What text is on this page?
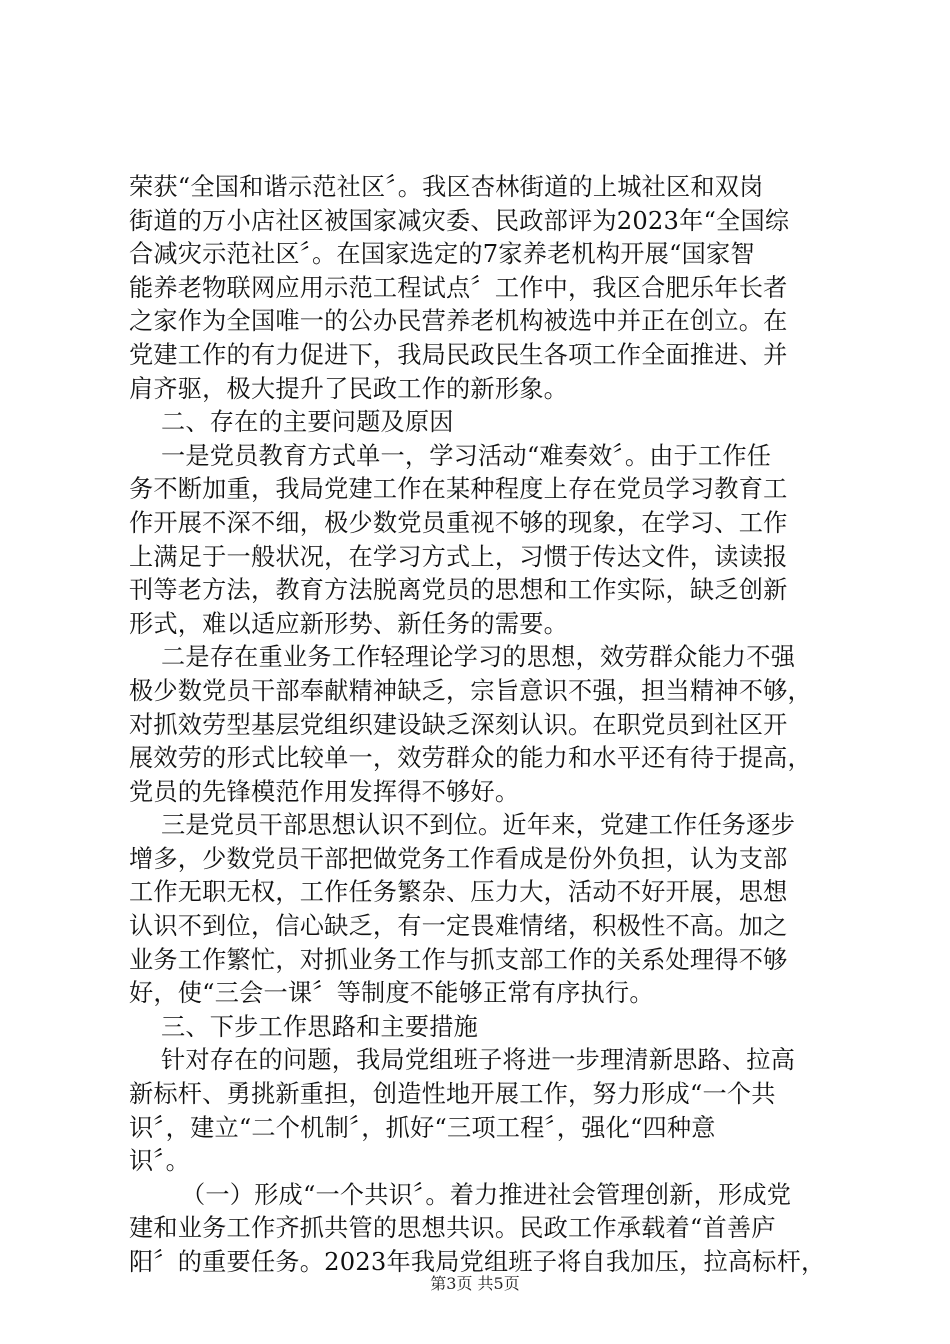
荣获“全国和谐示范社区〞。我区杏林街道的上城社区和双岗
街道的万小店社区被国家减灾委、民政部评为2023年“全国综
合减灾示范社区〞。在国家选定的7家养老机构开展“国家智
能养老物联网应用示范工程试点〞工作中，我区合肥乐年长者
之家作为全国唯一的公办民营养老机构被选中并正在创立。在
党建工作的有力促进下，我局民政民生各项工作全面推进、并
肩齐驱，极大提升了民政工作的新形象。
二、存在的主要问题及原因
一是党员教育方式单一，学习活动“难奏效〞。由于工作任
务不断加重，我局党建工作在某种程度上存在党员学习教育工
作开展不深不细，极少数党员重视不够的现象，在学习、工作
上满足于一般状况，在学习方式上，习惯于传达文件，读读报
刊等老方法，教育方法脱离党员的思想和工作实际，缺乏创新
形式，难以适应新形势、新任务的需要。
二是存在重业务工作轻理论学习的思想，效劳群众能力不强
极少数党员干部奉献精神缺乏，宗旨意识不强，担当精神不够，
对抓效劳型基层党组织建设缺乏深刻认识。在职党员到社区开
展效劳的形式比较单一，效劳群众的能力和水平还有待于提高，
党员的先锋模范作用发挥得不够好。
三是党员干部思想认识不到位。近年来，党建工作任务逐步
增多，少数党员干部把做党务工作看成是份外负担，认为支部
工作无职无权，工作任务繁杂、压力大，活动不好开展，思想
认识不到位，信心缺乏，有一定畏难情绪，积极性不高。加之
业务工作繁忙，对抓业务工作与抓支部工作的关系处理得不够
好，使“三会一课〞等制度不能够正常有序执行。
三、下步工作思路和主要措施
针对存在的问题，我局党组班子将进一步理清新思路、拉高
新标杆、勇挑新重担，创造性地开展工作，努力形成“一个共
识〞，建立“二个机制〞，抓好“三项工程〞，强化“四种意
识〞。
（一）形成“一个共识〞。着力推进社会管理创新，形成党
建和业务工作齐抓共管的思想共识。民政工作承载着“首善庐
阳〞的重要任务。2023年我局党组班子将自我加压，拉高标杆，
第3页 共5页
